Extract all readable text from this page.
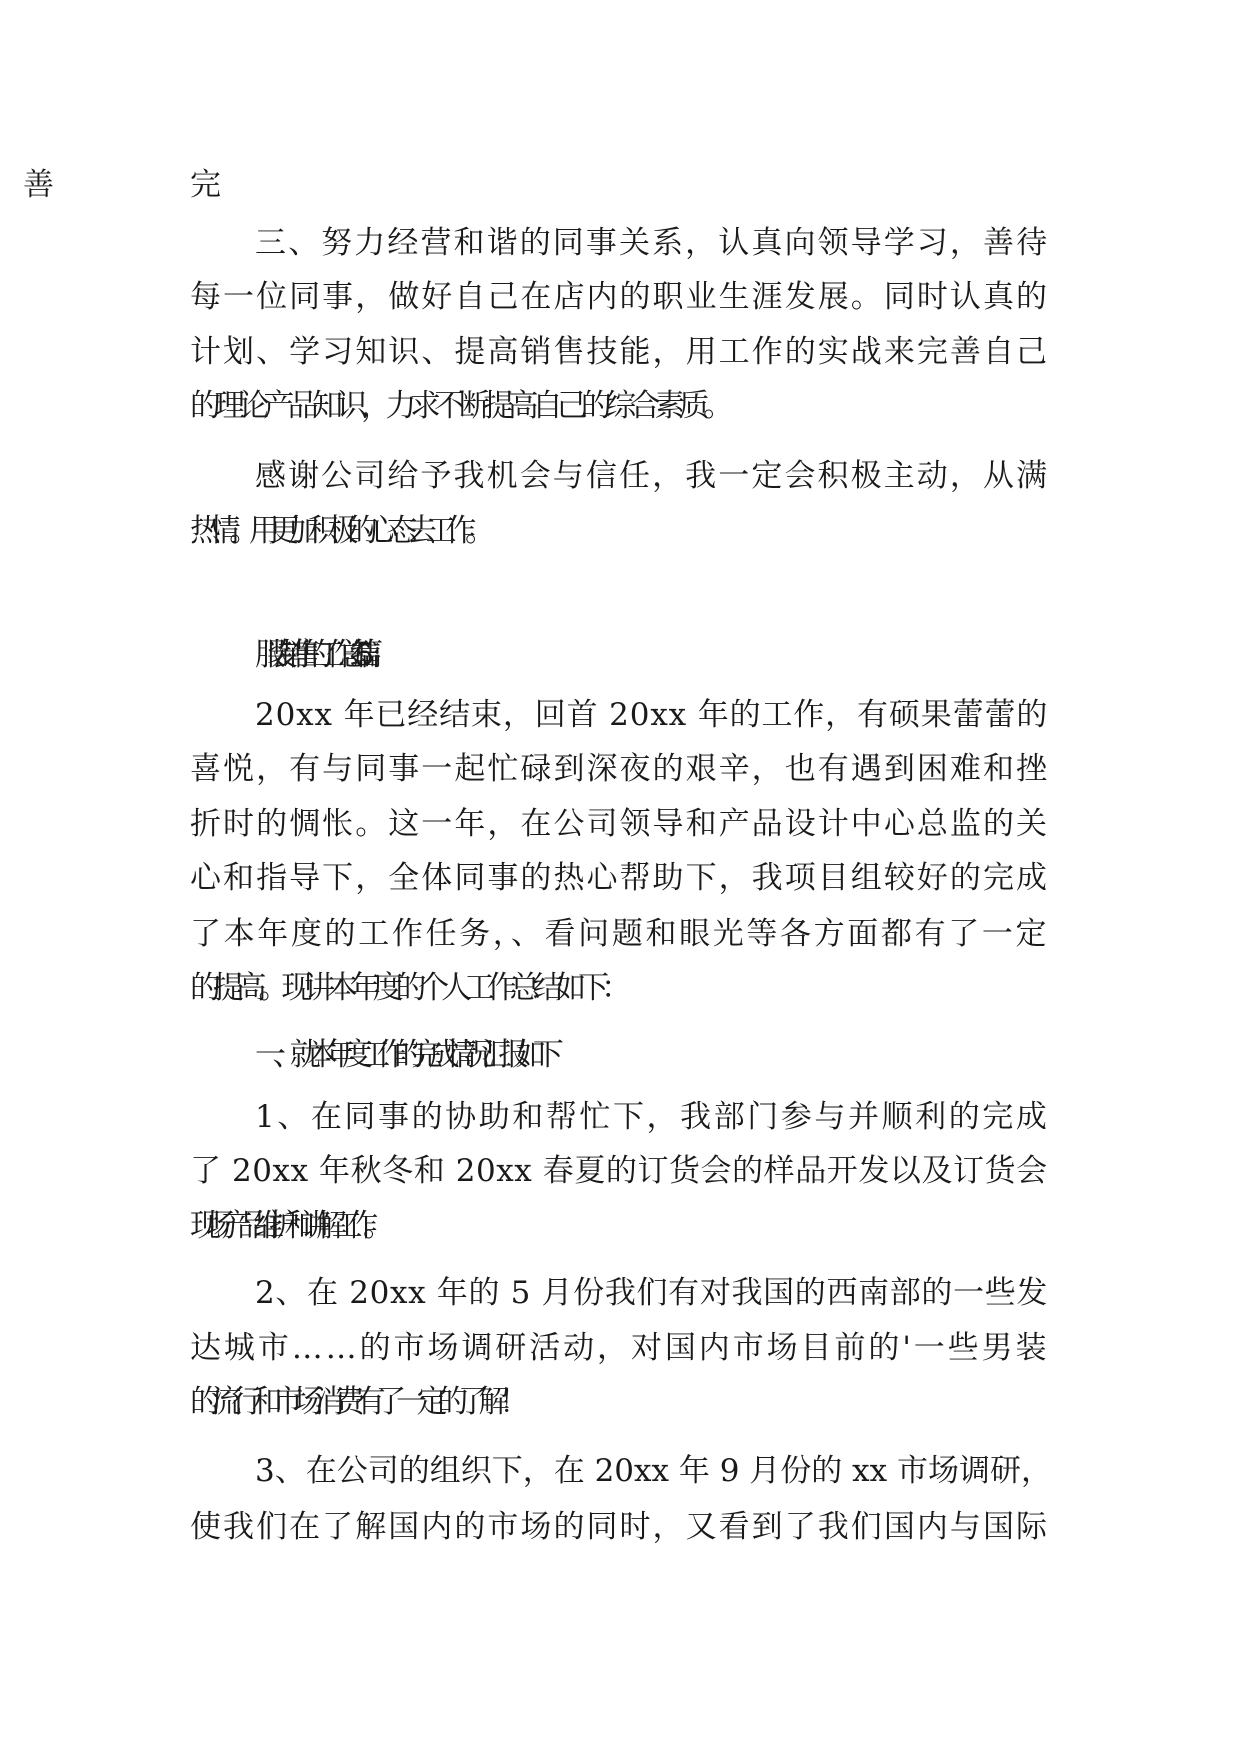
三、努力经营和谐的同事关系，认真向领导学习，善待
每一位同事，做好自己在店内的职业生涯发展。同时认真的
计划、学习知识、提高销售技能，用工作的实战来完善自己
的理论产品知识，力求不断提高自己的综合素质。
感谢公司给予我机会与信任，我一定会积极主动，从满
热情。用更加积极的心态去工作。
服装销售的工作总结 篇 5
20xx 年已经结束，回首 20xx 年的工作，有硕果蕾蕾的
喜悦，有与同事一起忙碌到深夜的艰辛，也有遇到困难和挫
折时的惆怅。这一年，在公司领导和产品设计中心总监的关
心和指导下，全体同事的热心帮助下，我项目组较好的完成
了本年度的工作任务，、看问题和眼光等各方面都有了一定
的提高。现讲本年度的个人工作总结如下：
一、就本年度工作的完成情况汇报如下
1、在同事的协助和帮忙下，我部门参与并顺利的完成
了 20xx 年秋冬和 20xx 春夏的订货会的样品开发以及订货会
现场产品维护和讲解工作。
2、在 20xx 年的 5 月份我们有对我国的西南部的一些发
达城市……的市场调研活动，对国内市场目前的'一些男装
的流行和市场消费有了一定的了解！
3、在公司的组织下，在 20xx 年 9 月份的 xx 市场调研，
使我们在了解国内的市场的同时，又看到了我们国内与国际
